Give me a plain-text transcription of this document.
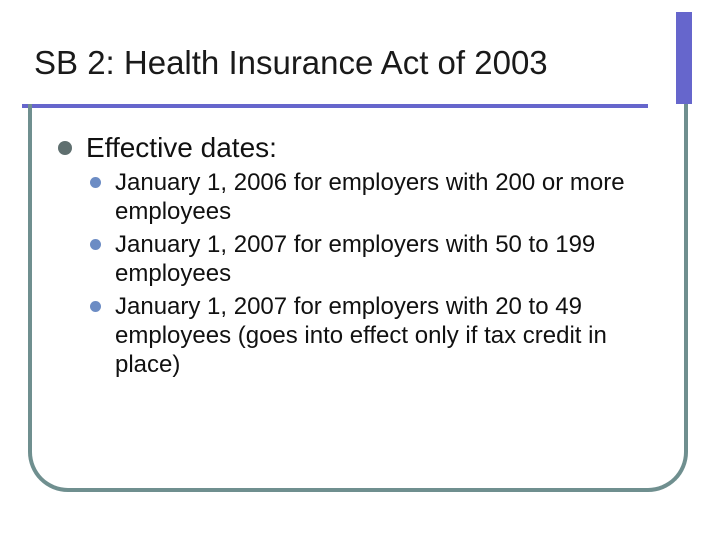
SB 2: Health Insurance Act of 2003
Effective dates:
January 1, 2006 for employers with 200 or more employees
January 1, 2007 for employers with 50 to 199 employees
January 1, 2007 for employers with 20 to 49 employees (goes into effect only if tax credit in place)
